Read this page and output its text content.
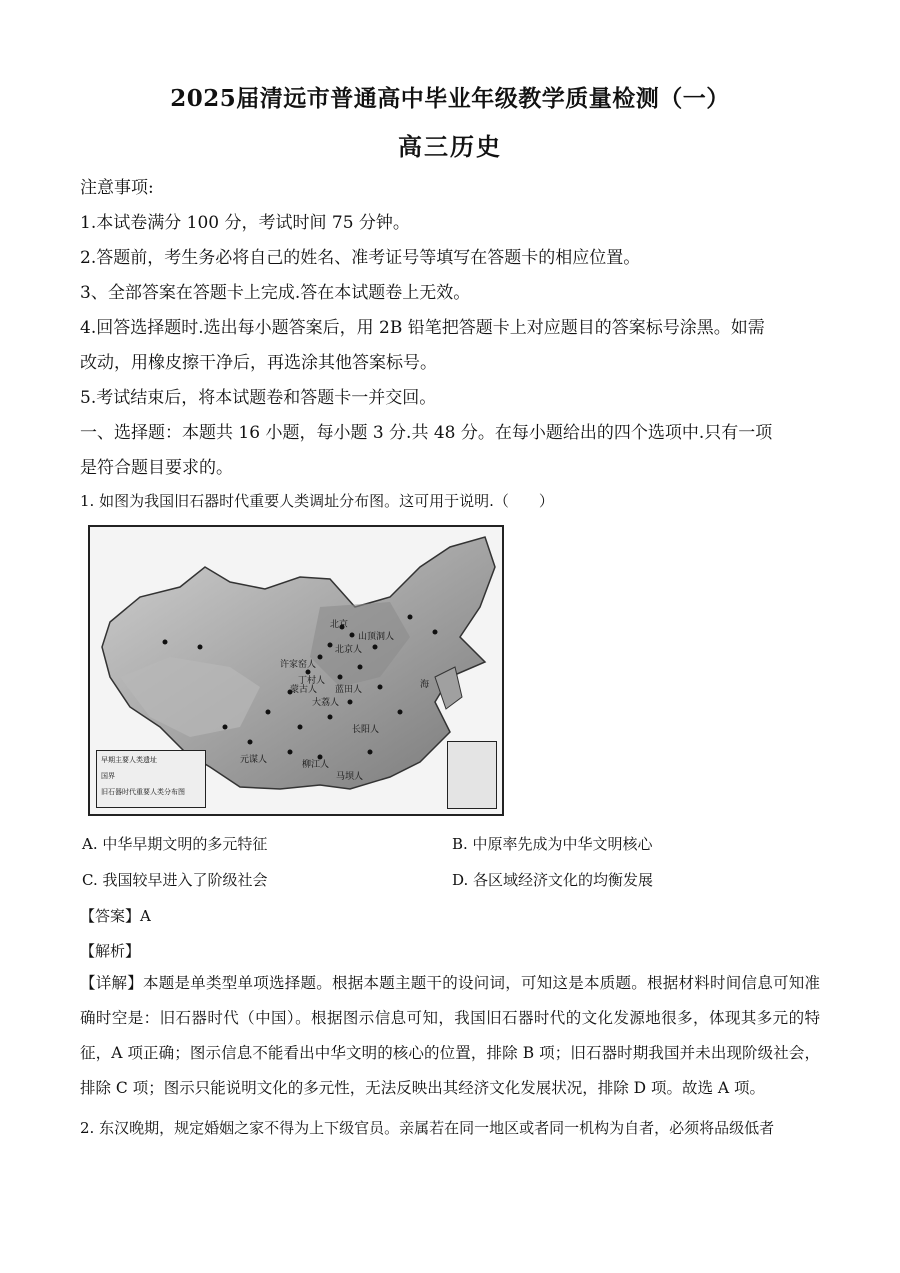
2025届清远市普通高中毕业年级教学质量检测（一）
高三历史
注意事项:
1.本试卷满分 100 分，考试时间 75 分钟。
2.答题前，考生务必将自己的姓名、准考证号等填写在答题卡的相应位置。
3、全部答案在答题卡上完成.答在本试题卷上无效。
4.回答选择题时.选出每小题答案后，用 2B 铅笔把答题卡上对应题目的答案标号涂黑。如需
改动，用橡皮擦干净后，再选涂其他答案标号。
5.考试结束后，将本试题卷和答题卡一并交回。
一、选择题：本题共 16 小题，每小题 3 分.共 48 分。在每小题给出的四个选项中.只有一项
是符合题目要求的。
1. 如图为我国旧石器时代重要人类调址分布图。这可用于说明.（　　）
北京
山顶洞人
北京人
许家窑人
丁村人
蓝田人
大荔人
蒙古人
元谋人	柳江人
马坝人
长阳人
海
早期主要人类遗址
国界
旧石器时代重要人类分布图
A. 中华早期文明的多元特征	B. 中原率先成为中华文明核心
C. 我国较早进入了阶级社会	D. 各区域经济文化的均衡发展
【答案】A
【解析】
【详解】本题是单类型单项选择题。根据本题主题干的设问词，可知这是本质题。根据材料时间信息可知准确时空是：旧石器时代（中国）。根据图示信息可知，我国旧石器时代的文化发源地很多，体现其多元的特征，A 项正确；图示信息不能看出中华文明的核心的位置，排除 B 项；旧石器时期我国并未出现阶级社会，排除 C 项；图示只能说明文化的多元性，无法反映出其经济文化发展状况，排除 D 项。故选 A 项。
2. 东汉晚期，规定婚姻之家不得为上下级官员。亲属若在同一地区或者同一机构为自者，必须将品级低者
